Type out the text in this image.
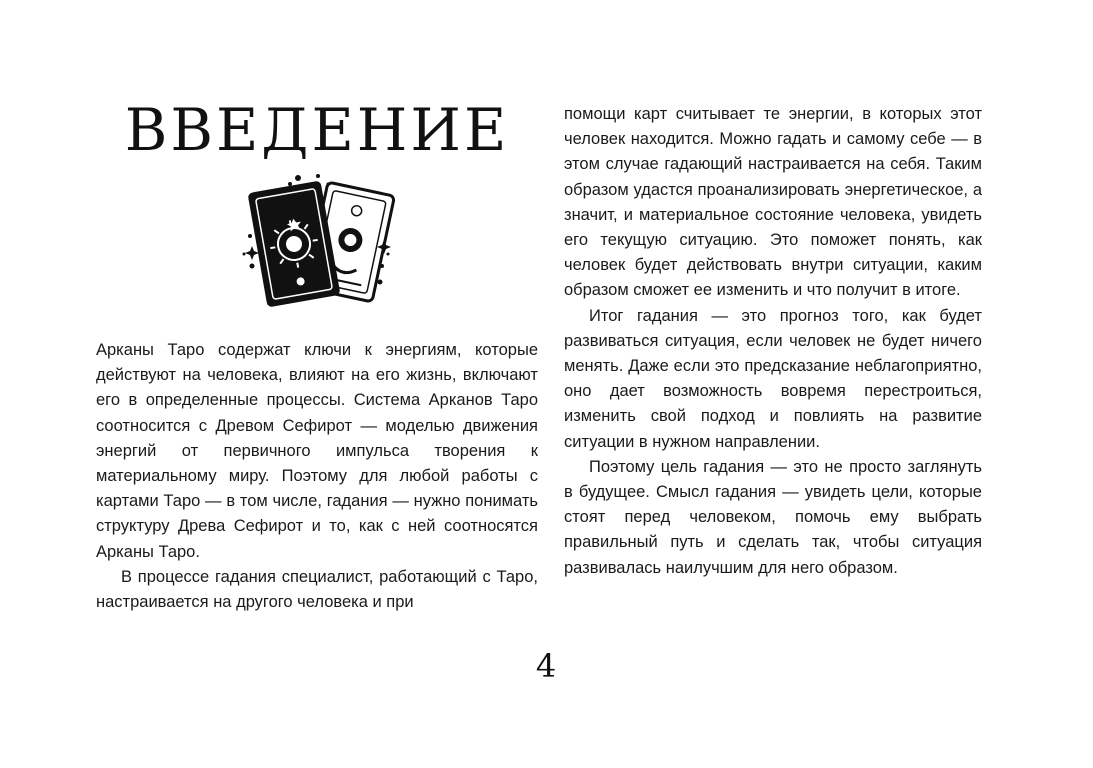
ВВЕДЕНИЕ

Арканы Таро содержат ключи к энергиям, которые действуют на человека, влияют на его жизнь, включают его в определенные процессы. Система Арканов Таро соотносится с Древом Сефирот — моделью движения энергий от первичного импульса творения к материальному миру. Поэтому для любой работы с картами Таро — в том числе, гадания — нужно понимать структуру Древа Сефирот и то, как с ней соотносятся Арканы Таро.

В процессе гадания специалист, работающий с Таро, настраивается на другого человека и при

помощи карт считывает те энергии, в которых этот человек находится. Можно гадать и самому себе — в этом случае гадающий настраивается на себя. Таким образом удастся проанализировать энергетическое, а значит, и материальное состояние человека, увидеть его текущую ситуацию. Это поможет понять, как человек будет действовать внутри ситуации, каким образом сможет ее изменить и что получит в итоге.

Итог гадания — это прогноз того, как будет развиваться ситуация, если человек не будет ничего менять. Даже если это предсказание неблагоприятно, оно дает возможность вовремя перестроиться, изменить свой подход и повлиять на развитие ситуации в нужном направлении.

Поэтому цель гадания — это не просто заглянуть в будущее. Смысл гадания — увидеть цели, которые стоят перед человеком, помочь ему выбрать правильный путь и сделать так, чтобы ситуация развивалась наилучшим для него образом.

4
